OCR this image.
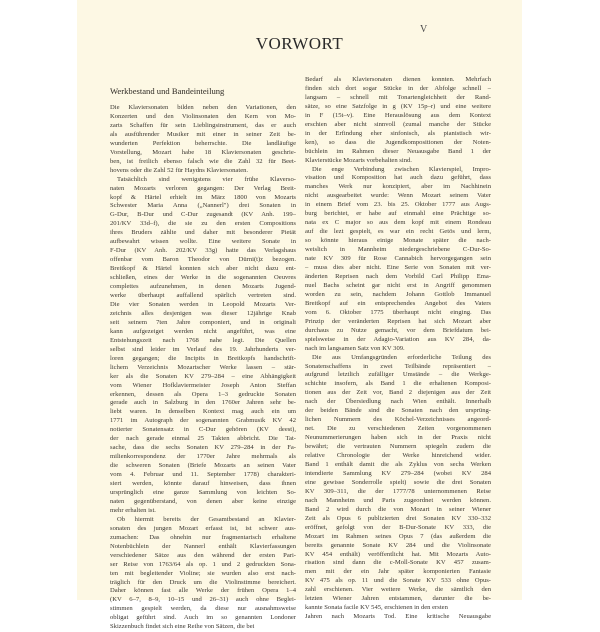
V
VORWORT
Werkbestand und Bandeinteilung
Die Klaviersonaten bilden neben den Variationen, den
Konzerten und den Violinsonaten den Kern von Mo-
zarts Schaffen für sein Lieblingsinstrument, das er auch
als ausführender Musiker mit einer in seiner Zeit be-
wunderten Perfektion beherrschte. Die landläufige
Vorstellung, Mozart habe 18 Klaviersonaten geschrie-
ben, ist freilich ebenso falsch wie die Zahl 32 für Beet-
hovens oder die Zahl 52 für Haydns Klaviersonaten.
Tatsächlich sind wenigstens vier frühe Klaverso-
naten Mozarts verloren gegangen: Der Verlag Breit-
kopf & Härtel erhielt im März 1800 von Mozarts
Schwester Maria Anna („Nannerl") drei Sonaten in
G-Dur, B-Dur und C-Dur zugesandt (KV Anh. 199–
201/KV 33d–f), die sie zu den ersten Compositions
ihres Bruders zählte und daher mit besonderer Pietät
aufbewahrt wissen wollte. Eine weitere Sonate in
F-Dur (KV Anh. 202/KV 33g) hatte das Verlagshaus
offenbar vom Baron Theodor von Dürni(t)z bezogen.
Breitkopf & Härtel konnten sich aber nicht dazu ent-
schließen, eines der Werke in die sogenannten Oeuvres
complettes aufzunehmen, in denen Mozarts Jugend-
werke überhaupt auffallend spärlich vertreten sind.
Die vier Sonaten werden in Leopold Mozarts Ver-
zeichnis alles desjenigen was dieser 12jährige Knab
seit seinem 7ten Jahre componiert, und in originali
kann aufgezeiget werden nicht angeführt, was eine
Entstehungszeit nach 1768 nahe legt. Die Quellen
selbst sind leider im Verlauf des 19. Jahrhunderts ver-
loren gegangen; die Incipits in Breitkopfs handschrift-
lichem Verzeichnis Mozartscher Werke lassen – stär-
ker als die Sonaten KV 279–284 – eine Abhängigkeit
vom Wiener Hofklaviermeister Joseph Anton Steffan
erkennen, dessen als Opera 1–3 gedruckte Sonaten
gerade auch in Salzburg in den 1760er Jahren sehr be-
liebt waren. In denselben Kontext mag auch ein um
1771 im Autograph der sogenannten Grabmusik KV 42
notierter Sonatensatz in C-Dur gehören (KV deest),
der nach gerade einmal 25 Takten abbricht. Die Tat-
sache, dass die sechs Sonaten KV 279–284 in der Fa-
milienkorrespondenz der 1770er Jahre mehrmals als
die schweren Sonaten (Briefe Mozarts an seinen Vater
vom 4. Februar und 11. September 1778) charakteri-
siert werden, könnte darauf hinweisen, dass ihnen
ursprünglich eine ganze Sammlung von leichten So-
naten gegenüberstand, von denen aber keine einzige
mehr erhalten ist.
Ob hiermit bereits der Gesamtbestand an Klavier-
sonaten des jungen Mozart erfasst ist, ist schwer aus-
zumachen: Das ohnehin nur fragmentarisch erhaltene
Notenbüchlein der Nannerl enthält Klavierfassungen
verschiedener Sätze aus den während der ersten Pari-
ser Reise von 1763/64 als op. 1 und 2 gedruckten Sona-
ten mit begleitender Violine; sie wurden also erst nach-
träglich für den Druck um die Violinstimme bereichert.
Daher können fast alle Werke der frühen Opera 1–4
(KV 6–7, 8–9, 10–15 und 26–31) auch ohne Beglei-
stimmen gespielt werden, da diese nur ausnahmsweise
obligat geführt sind. Auch im so genannten Londoner
Skizzenbuch findet sich eine Reihe von Sätzen, die bei
Bedarf als Klaviersonaten dienen konnten. Mehrfach
finden sich dort sogar Stücke in der Abfolge schnell –
langsam – schnell mit Tonartengleichheit der Rand-
sätze, so eine Satzfolge in g (KV 15p–r) und eine weitere
in F (15t–v). Eine Herauslösung aus dem Kontext
erschien aber nicht sinnvoll (zumal manche der Stücke
in der Erfindung eher sinfonisch, als pianistisch wir-
ken), so dass die Jugendkompositionen der Noten-
büchlein im Rahmen dieser Neuausgabe Band 1 der
Klavierstücke Mozarts vorbehalten sind.
Die enge Verbindung zwischen Klavierspiel, Impro-
visation und Komposition hat auch dazu geführt, dass
manches Werk nur konzipiert, aber im Nachhinein
nicht ausgearbeitet wurde: Wenn Mozart seinem Vater
in einem Brief vom 23. bis 25. Oktober 1777 aus Augs-
burg berichtet, er habe auf einmahl eine Prächtige so-
nata ex C major so aus dem kopf mit einem Rondeau
auf die lezt gespielt, es war ein recht Getös und lerm,
so könnte hieraus einige Monate später die nach-
weislich in Mannheim niedergeschriebene C-Dur-So-
nate KV 309 für Rose Cannabich hervorgegangen sein
– muss dies aber nicht. Eine Serie von Sonaten mit ver-
änderten Reprisen nach dem Vorbild Carl Philipp Ema-
nuel Bachs scheint gar nicht erst in Angriff genommen
worden zu sein, nachdem Johann Gottlob Immanuel
Breitkopf auf ein entsprechendes Angebot des Vaters
vom 6. Oktober 1775 überhaupt nicht einging. Das
Prinzip der veränderten Reprisen hat sich Mozart aber
durchaus zu Nutze gemacht, vor dem Briefdatum bei-
spielsweise in der Adagio-Variation aus KV 284, da-
nach im langsamen Satz von KV 309.
Die aus Umfangsgründen erforderliche Teilung des
Sonatenschaffens in zwei Teilbände repräsentiert –
aufgrund letztlich zufälliger Umstände – die Werkge-
schichte insofern, als Band 1 die erhaltenen Komposi-
tionen aus der Zeit vor, Band 2 diejenigen aus der Zeit
nach der Übersiedlung nach Wien enthält. Innerhalb
der beiden Bände sind die Sonaten nach den ursprüng-
lichen Nummern des Köchel-Verzeichnisses angeord-
net. Die zu verschiedenen Zeiten vorgenommenen
Neunummerierungen haben sich in der Praxis nicht
bewährt; die vertrauten Nummern spiegeln zudem die
relative Chronologie der Werke hinreichend wider.
Band 1 enthält damit die als Zyklus von sechs Werken
intendierte Sammlung KV 279–284 (wobei KV 284
eine gewisse Sonderrolle spielt) sowie die drei Sonaten
KV 309–311, die der 1777/78 unternommenen Reise
nach Mannheim und Paris zugeordnet werden können.
Band 2 wird durch die von Mozart in seiner Wiener
Zeit als Opus 6 publizierten drei Sonaten KV 330–332
eröffnet, gefolgt von der B-Dur-Sonate KV 333, die
Mozart im Rahmen seines Opus 7 (das außerdem die
bereits genannte Sonate KV 284 und die Violinsonate
KV 454 enthält) veröffentlicht hat. Mit Mozarts Auto-
risation sind dann die c-Moll-Sonate KV 457 zusam-
men mit der ein Jahr später komponierten Fantasie
KV 475 als op. 11 und die Sonate KV 533 ohne Opus-
zahl erschienen. Vier weitere Werke, die sämtlich den
letzten Wiener Jahren entstammen, darunter die be-
kannte Sonata facile KV 545, erschienen in den ersten
Jahren nach Mozarts Tod. Eine kritische Neuausgabe
